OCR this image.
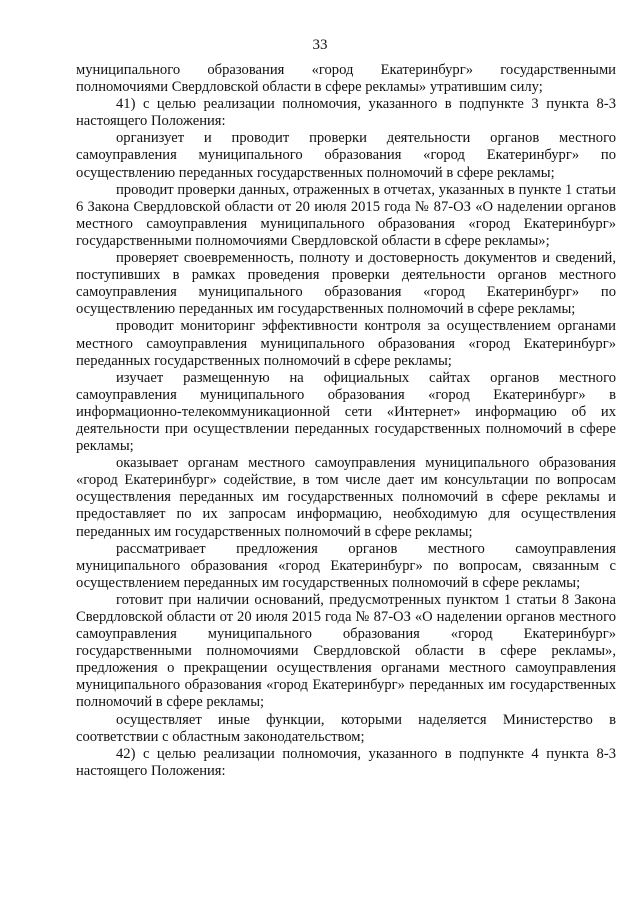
33

муниципального образования «город Екатеринбург» государственными полномочиями Свердловской области в сфере рекламы» утратившим силу;

41) с целью реализации полномочия, указанного в подпункте 3 пункта 8-3 настоящего Положения:

организует и проводит проверки деятельности органов местного самоуправления муниципального образования «город Екатеринбург» по осуществлению переданных государственных полномочий в сфере рекламы;

проводит проверки данных, отраженных в отчетах, указанных в пункте 1 статьи 6 Закона Свердловской области от 20 июля 2015 года № 87-ОЗ «О наделении органов местного самоуправления муниципального образования «город Екатеринбург» государственными полномочиями Свердловской области в сфере рекламы»;

проверяет своевременность, полноту и достоверность документов и сведений, поступивших в рамках проведения проверки деятельности органов местного самоуправления муниципального образования «город Екатеринбург» по осуществлению переданных им государственных полномочий в сфере рекламы;

проводит мониторинг эффективности контроля за осуществлением органами местного самоуправления муниципального образования «город Екатеринбург» переданных государственных полномочий в сфере рекламы;

изучает размещенную на официальных сайтах органов местного самоуправления муниципального образования «город Екатеринбург» в информационно-телекоммуникационной сети «Интернет» информацию об их деятельности при осуществлении переданных государственных полномочий в сфере рекламы;

оказывает органам местного самоуправления муниципального образования «город Екатеринбург» содействие, в том числе дает им консультации по вопросам осуществления переданных им государственных полномочий в сфере рекламы и предоставляет по их запросам информацию, необходимую для осуществления переданных им государственных полномочий в сфере рекламы;

рассматривает предложения органов местного самоуправления муниципального образования «город Екатеринбург» по вопросам, связанным с осуществлением переданных им государственных полномочий в сфере рекламы;

готовит при наличии оснований, предусмотренных пунктом 1 статьи 8 Закона Свердловской области от 20 июля 2015 года № 87-ОЗ «О наделении органов местного самоуправления муниципального образования «город Екатеринбург» государственными полномочиями Свердловской области в сфере рекламы», предложения о прекращении осуществления органами местного самоуправления муниципального образования «город Екатеринбург» переданных им государственных полномочий в сфере рекламы;

осуществляет иные функции, которыми наделяется Министерство в соответствии с областным законодательством;

42) с целью реализации полномочия, указанного в подпункте 4 пункта 8-3 настоящего Положения:
